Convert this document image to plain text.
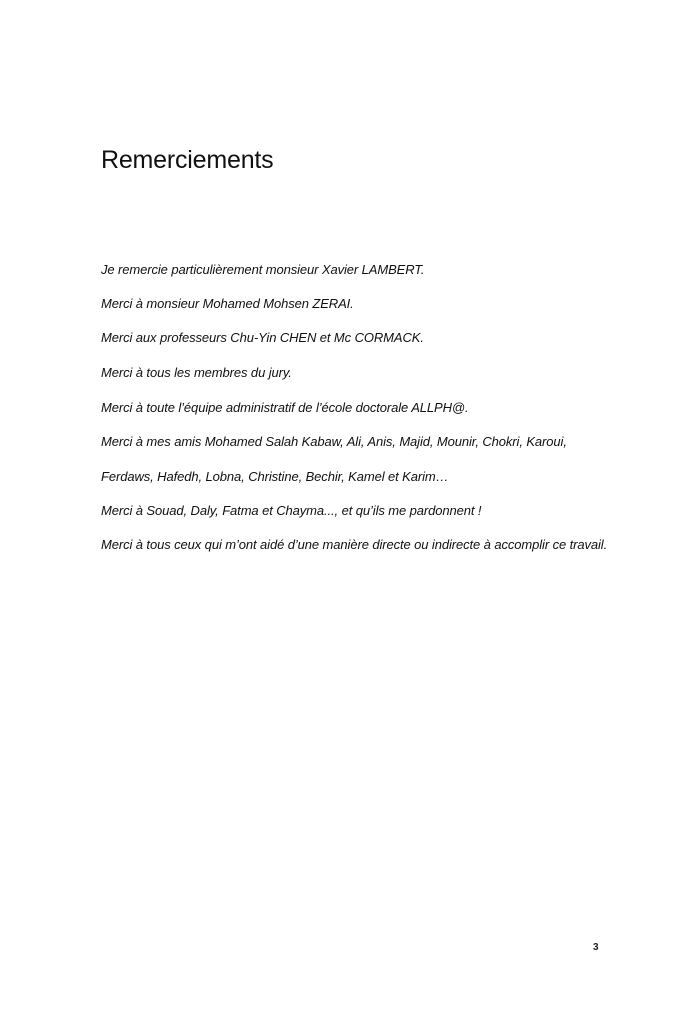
Remerciements

Je remercie particulièrement monsieur Xavier LAMBERT.

Merci à monsieur Mohamed Mohsen ZERAI.

Merci aux professeurs Chu-Yin CHEN et Mc CORMACK.

Merci à tous les membres du jury.

Merci à toute l’équipe administratif de l’école doctorale ALLPH@.

Merci à mes amis Mohamed Salah Kabaw, Ali, Anis, Majid, Mounir, Chokri, Karoui,

Ferdaws, Hafedh, Lobna, Christine, Bechir, Kamel et Karim…

Merci à Souad, Daly, Fatma et Chayma..., et qu’ils me pardonnent !

Merci à tous ceux qui m’ont aidé d’une manière directe ou indirecte à accomplir ce travail.

3
